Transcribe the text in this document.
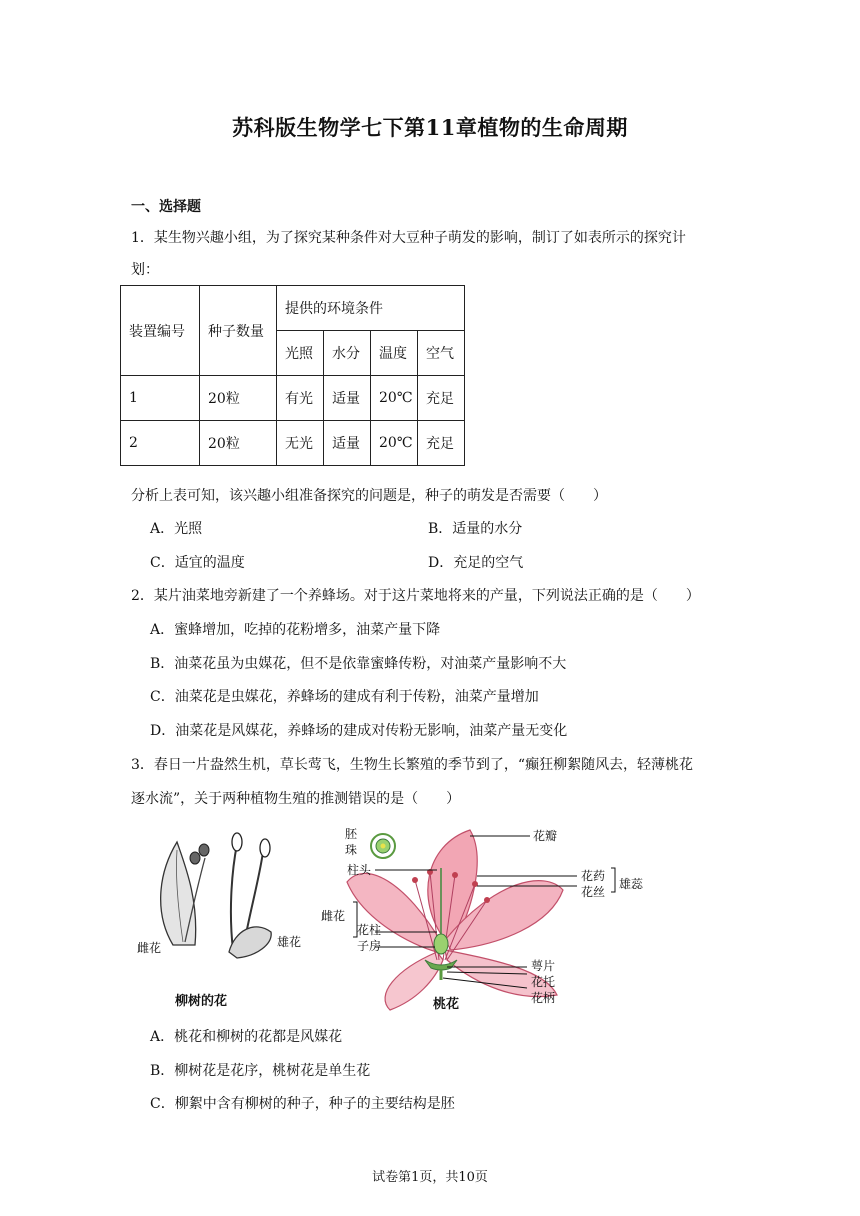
苏科版生物学七下第11章植物的生命周期
一、选择题
1．某生物兴趣小组，为了探究某种条件对大豆种子萌发的影响，制订了如表所示的探究计
划：
装置编号	种子数量	提供的环境条件			
		光照	水分	温度	空气
1	20粒	有光	适量	20℃	充足
2	20粒	无光	适量	20℃	充足
分析上表可知，该兴趣小组准备探究的问题是，种子的萌发是否需要（　　）
A．光照	B．适量的水分
C．适宜的温度	D．充足的空气
2．某片油菜地旁新建了一个养蜂场。对于这片菜地将来的产量，下列说法正确的是（　　）
A．蜜蜂增加，吃掉的花粉增多，油菜产量下降
B．油菜花虽为虫媒花，但不是依靠蜜蜂传粉，对油菜产量影响不大
C．油菜花是虫媒花，养蜂场的建成有利于传粉，油菜产量增加
D．油菜花是风媒花，养蜂场的建成对传粉无影响，油菜产量无变化
3．春日一片盎然生机，草长莺飞，生物生长繁殖的季节到了，“癫狂柳絮随风去，轻薄桃花
逐水流”，关于两种植物生殖的推测错误的是（　　）
雌花	雄花
柳树的花
胚
珠
柱头
雌花
花柱
子房
花瓣
花药
花丝
雄蕊
萼片
花托
花柄
桃花
A．桃花和柳树的花都是风媒花
B．柳树花是花序，桃树花是单生花
C．柳絮中含有柳树的种子，种子的主要结构是胚
试卷第1页，共10页
